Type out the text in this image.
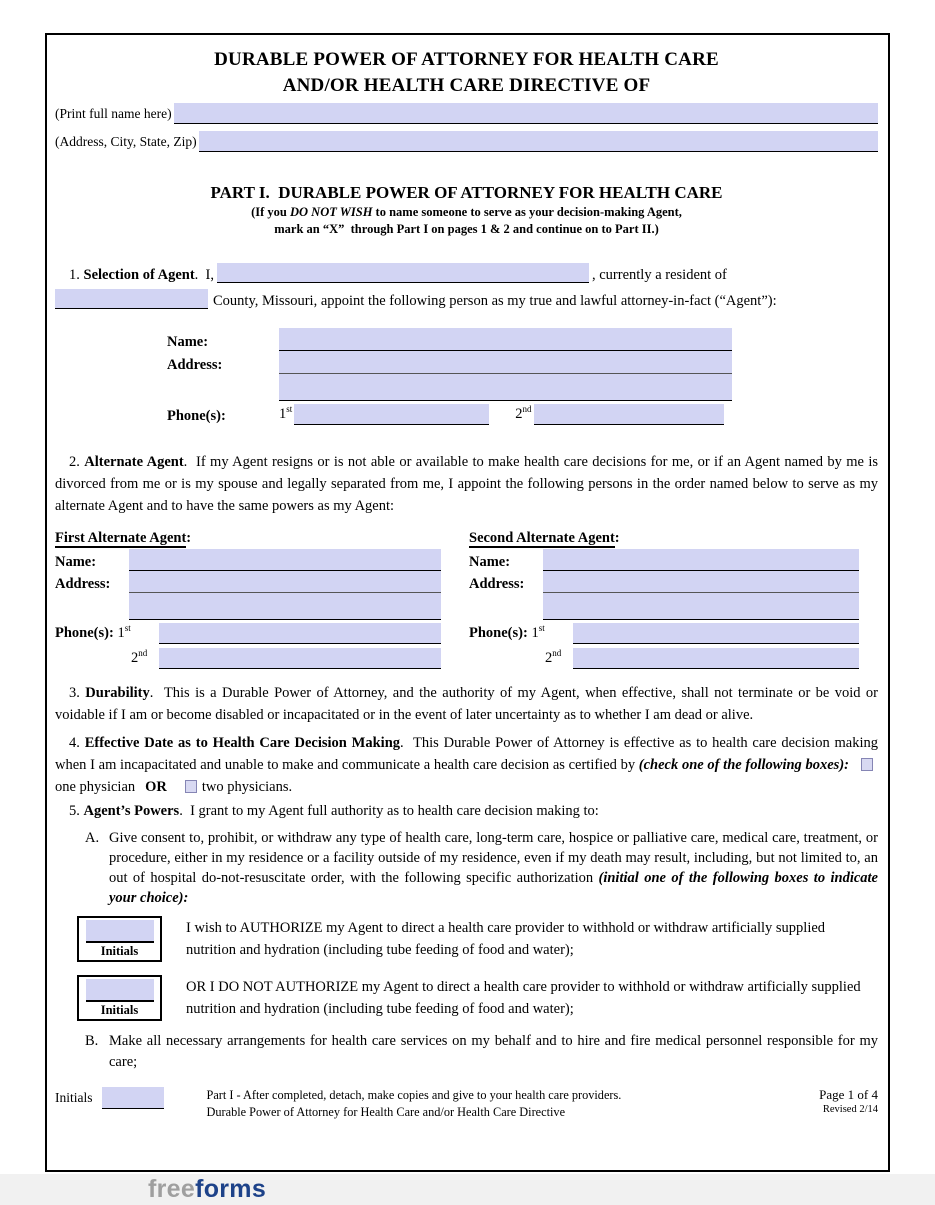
DURABLE POWER OF ATTORNEY FOR HEALTH CARE
AND/OR HEALTH CARE DIRECTIVE OF
(Print full name here)
(Address, City, State, Zip)
PART I.  DURABLE POWER OF ATTORNEY FOR HEALTH CARE
(If you DO NOT WISH to name someone to serve as your decision-making Agent,
mark an “X”  through Part I on pages 1 & 2 and continue on to Part II.)
1. Selection of Agent.  I,	, currently a resident of
County, Missouri, appoint the following person as my true and lawful attorney-in-fact (“Agent”):
Name:
Address:
Phone(s):	1st	2nd

2. Alternate Agent.  If my Agent resigns or is not able or available to make health care decisions for me, or if an Agent named by me is divorced from me or is my spouse and legally separated from me, I appoint the following persons in the order named below to serve as my alternate Agent and to have the same powers as my Agent:

First Alternate Agent:
Name:
Address:
Phone(s): 1st
2nd
Second Alternate Agent:
Name:
Address:
Phone(s): 1st
2nd

3. Durability.  This is a Durable Power of Attorney, and the authority of my Agent, when effective, shall not terminate or be void or voidable if I am or become disabled or incapacitated or in the event of later uncertainty as to whether I am dead or alive.

4. Effective Date as to Health Care Decision Making.  This Durable Power of Attorney is effective as to health care decision making when I am incapacitated and unable to make and communicate a health care decision as certified by (check one of the following boxes):one physician OR two physicians.

5. Agent’s Powers.  I grant to my Agent full authority as to health care decision making to:

A. Give consent to, prohibit, or withdraw any type of health care, long-term care, hospice or palliative care, medical care, treatment, or procedure, either in my residence or a facility outside of my residence, even if my death may result, including, but not limited to, an out of hospital do-not-resuscitate order, with the following specific authorization (initial one of the following boxes to indicate your choice):
Initials
I wish to AUTHORIZE my Agent to direct a health care provider to withhold or withdraw artificially supplied nutrition and hydration (including tube feeding of food and water);
Initials
OR I DO NOT AUTHORIZE my Agent to direct a health care provider to withhold or withdraw artificially supplied nutrition and hydration (including tube feeding of food and water);
B. Make all necessary arrangements for health care services on my behalf and to hire and fire medical personnel responsible for my care;
Initials	Part I - After completed, detach, make copies and give to your health care providers.
Durable Power of Attorney for Health Care and/or Health Care Directive
Page 1 of 4
Revised 2/14
freeforms
